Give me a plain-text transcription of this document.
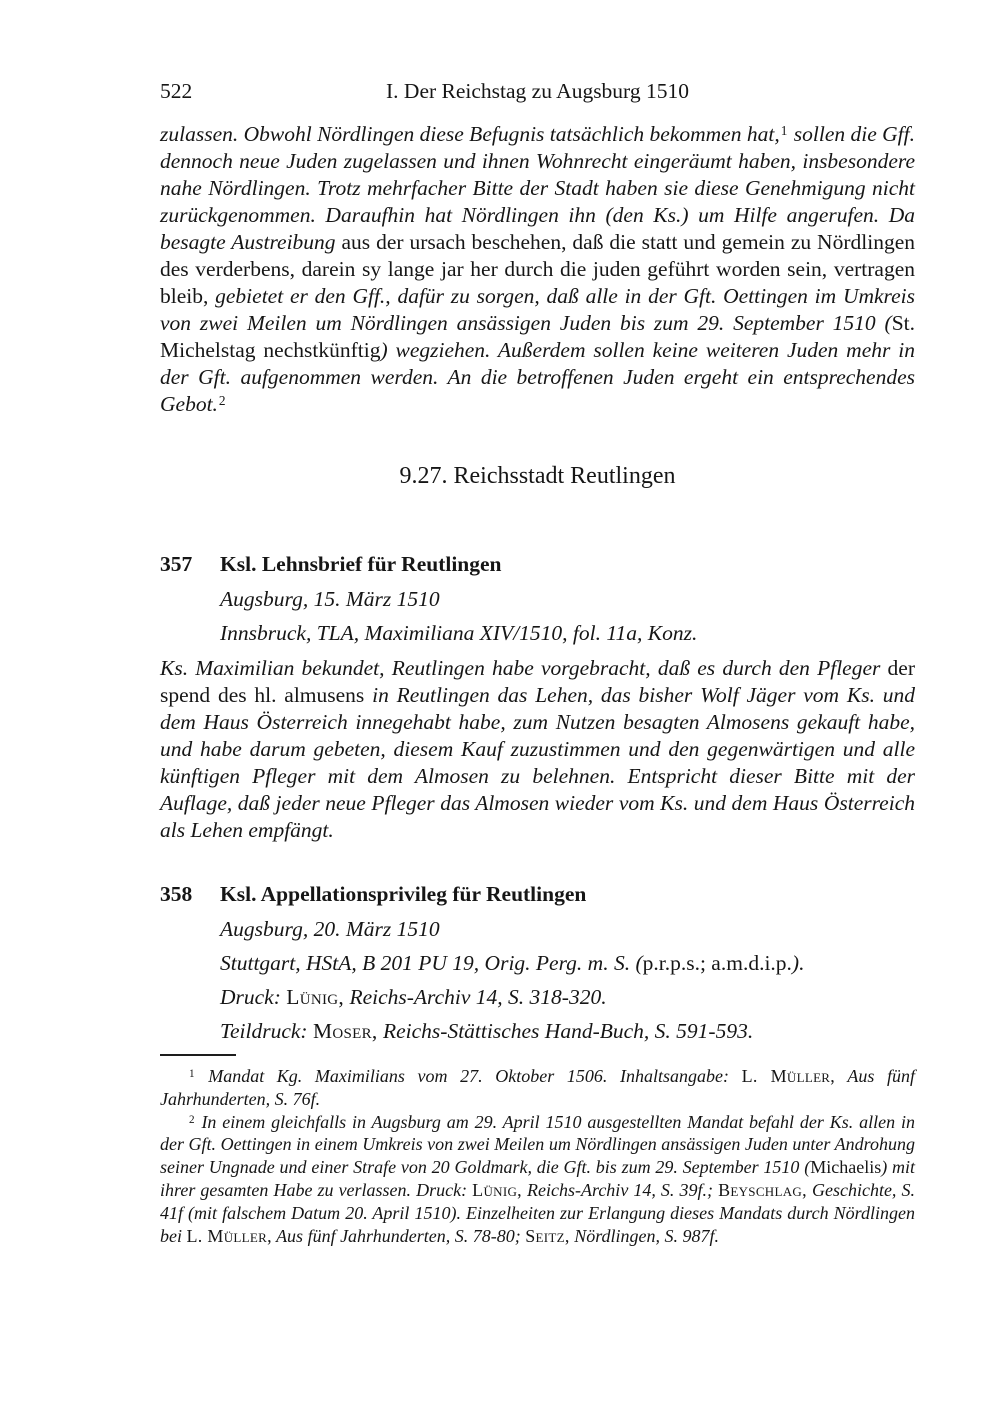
522	I. Der Reichstag zu Augsburg 1510

zulassen. Obwohl Nördlingen diese Befugnis tatsächlich bekommen hat,$^1$ sollen die Gff. dennoch neue Juden zugelassen und ihnen Wohnrecht eingeräumt haben, insbesondere nahe Nördlingen. Trotz mehrfacher Bitte der Stadt haben sie diese Genehmigung nicht zurückgenommen. Daraufhin hat Nördlingen ihn (den Ks.) um Hilfe angerufen. Da besagte Austreibung aus der ursach beschehen, daß die statt und gemein zu Nördlingen des verderbens, darein sy lange jar her durch die juden geführt worden sein, vertragen bleib, gebietet er den Gff., dafür zu sorgen, daß alle in der Gft. Oettingen im Umkreis von zwei Meilen um Nördlingen ansässigen Juden bis zum 29. September 1510 (St. Michelstag nechstkünftig) wegziehen. Außerdem sollen keine weiteren Juden mehr in der Gft. aufgenommen werden. An die betroffenen Juden ergeht ein entsprechendes Gebot.$^2$

9.27. Reichsstadt Reutlingen
357	Ksl. Lehnsbrief für Reutlingen

Augsburg, 15. März 1510

Innsbruck, TLA, Maximiliana XIV/1510, fol. 11a, Konz.

Ks. Maximilian bekundet, Reutlingen habe vorgebracht, daß es durch den Pfleger der spend des hl. almusens in Reutlingen das Lehen, das bisher Wolf Jäger vom Ks. und dem Haus Österreich innegehabt habe, zum Nutzen besagten Almosens gekauft habe, und habe darum gebeten, diesem Kauf zuzustimmen und den gegenwärtigen und alle künftigen Pfleger mit dem Almosen zu belehnen. Entspricht dieser Bitte mit der Auflage, daß jeder neue Pfleger das Almosen wieder vom Ks. und dem Haus Österreich als Lehen empfängt.

358	Ksl. Appellationsprivileg für Reutlingen

Augsburg, 20. März 1510

Stuttgart, HStA, B 201 PU 19, Orig. Perg. m. S. (p.r.p.s.; a.m.d.i.p.).

Druck: Lünig, Reichs-Archiv 14, S. 318-320.

Teildruck: Moser, Reichs-Stättisches Hand-Buch, S. 591-593.

$^1$ Mandat Kg. Maximilians vom 27. Oktober 1506. Inhaltsangabe: L. Müller, Aus fünf Jahrhunderten, S. 76f.

$^2$ In einem gleichfalls in Augsburg am 29. April 1510 ausgestellten Mandat befahl der Ks. allen in der Gft. Oettingen in einem Umkreis von zwei Meilen um Nördlingen ansässigen Juden unter Androhung seiner Ungnade und einer Strafe von 20 Goldmark, die Gft. bis zum 29. September 1510 (Michaelis) mit ihrer gesamten Habe zu verlassen. Druck: Lünig, Reichs-Archiv 14, S. 39f.; Beyschlag, Geschichte, S. 41f (mit falschem Datum 20. April 1510). Einzelheiten zur Erlangung dieses Mandats durch Nördlingen bei L. Müller, Aus fünf Jahrhunderten, S. 78-80; Seitz, Nördlingen, S. 987f.
